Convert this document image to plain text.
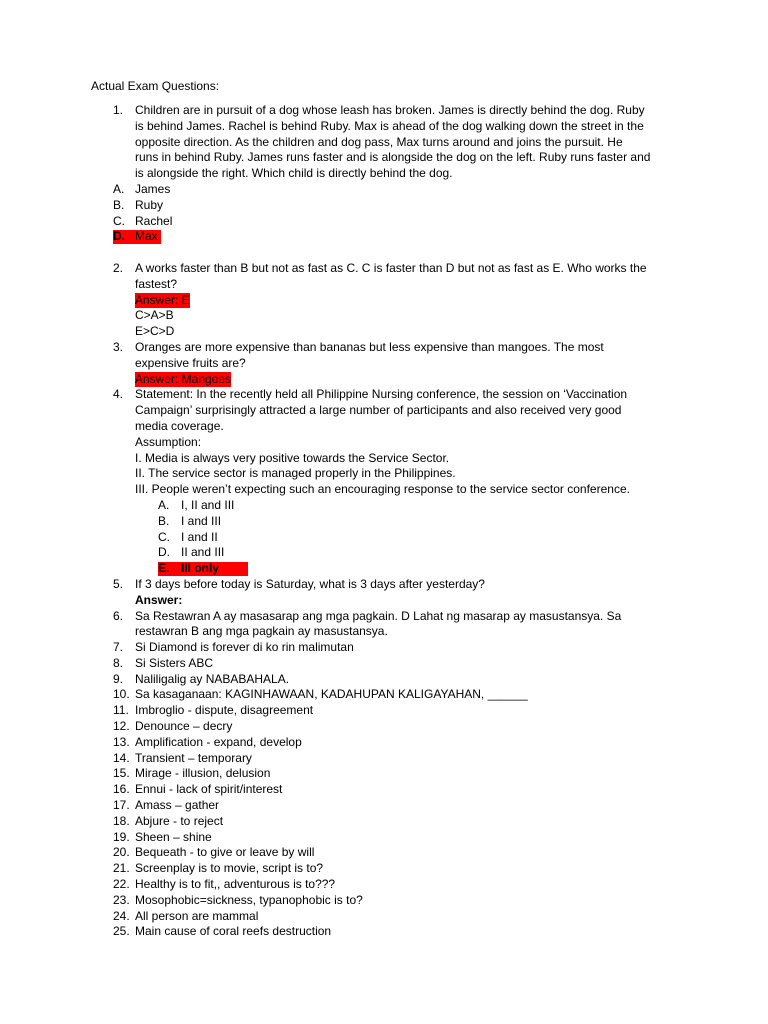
Actual Exam Questions:
1. Children are in pursuit of a dog whose leash has broken. James is directly behind the dog. Ruby
is behind James. Rachel is behind Ruby. Max is ahead of the dog walking down the street in the
opposite direction. As the children and dog pass, Max turns around and joins the pursuit. He
runs in behind Ruby. James runs faster and is alongside the dog on the left. Ruby runs faster and
is alongside the right. Which child is directly behind the dog.
A. James
B. Ruby
C. Rachel
D. Max
2. A works faster than B but not as fast as C. C is faster than D but not as fast as E. Who works the
fastest?
Answer: E
C>A>B
E>C>D
3. Oranges are more expensive than bananas but less expensive than mangoes. The most
expensive fruits are?
Answer: Mangoes
4. Statement: In the recently held all Philippine Nursing conference, the session on ‘Vaccination
Campaign’ surprisingly attracted a large number of participants and also received very good
media coverage.
Assumption:
I. Media is always very positive towards the Service Sector.
II. The service sector is managed properly in the Philippines.
III. People weren’t expecting such an encouraging response to the service sector conference.
A. I, II and III
B. I and III
C. I and II
D. II and III
E. III only
5. If 3 days before today is Saturday, what is 3 days after yesterday?
Answer:
6. Sa Restawran A ay masasarap ang mga pagkain. D Lahat ng masarap ay masustansya. Sa
restawran B ang mga pagkain ay masustansya.
7. Si Diamond is forever di ko rin malimutan
8. Si Sisters ABC
9. Naliligalig ay NABABAHALA.
10. Sa kasaganaan: KAGINHAWAAN, KADAHUPAN KALIGAYAHAN, ______
11. Imbroglio - dispute, disagreement
12. Denounce – decry
13. Amplification - expand, develop
14. Transient – temporary
15. Mirage - illusion, delusion
16. Ennui - lack of spirit/interest
17. Amass – gather
18. Abjure - to reject
19. Sheen – shine
20. Bequeath - to give or leave by will
21. Screenplay is to movie, script is to?
22. Healthy is to fit,, adventurous is to???
23. Mosophobic=sickness, typanophobic is to?
24. All person are mammal
25. Main cause of coral reefs destruction
